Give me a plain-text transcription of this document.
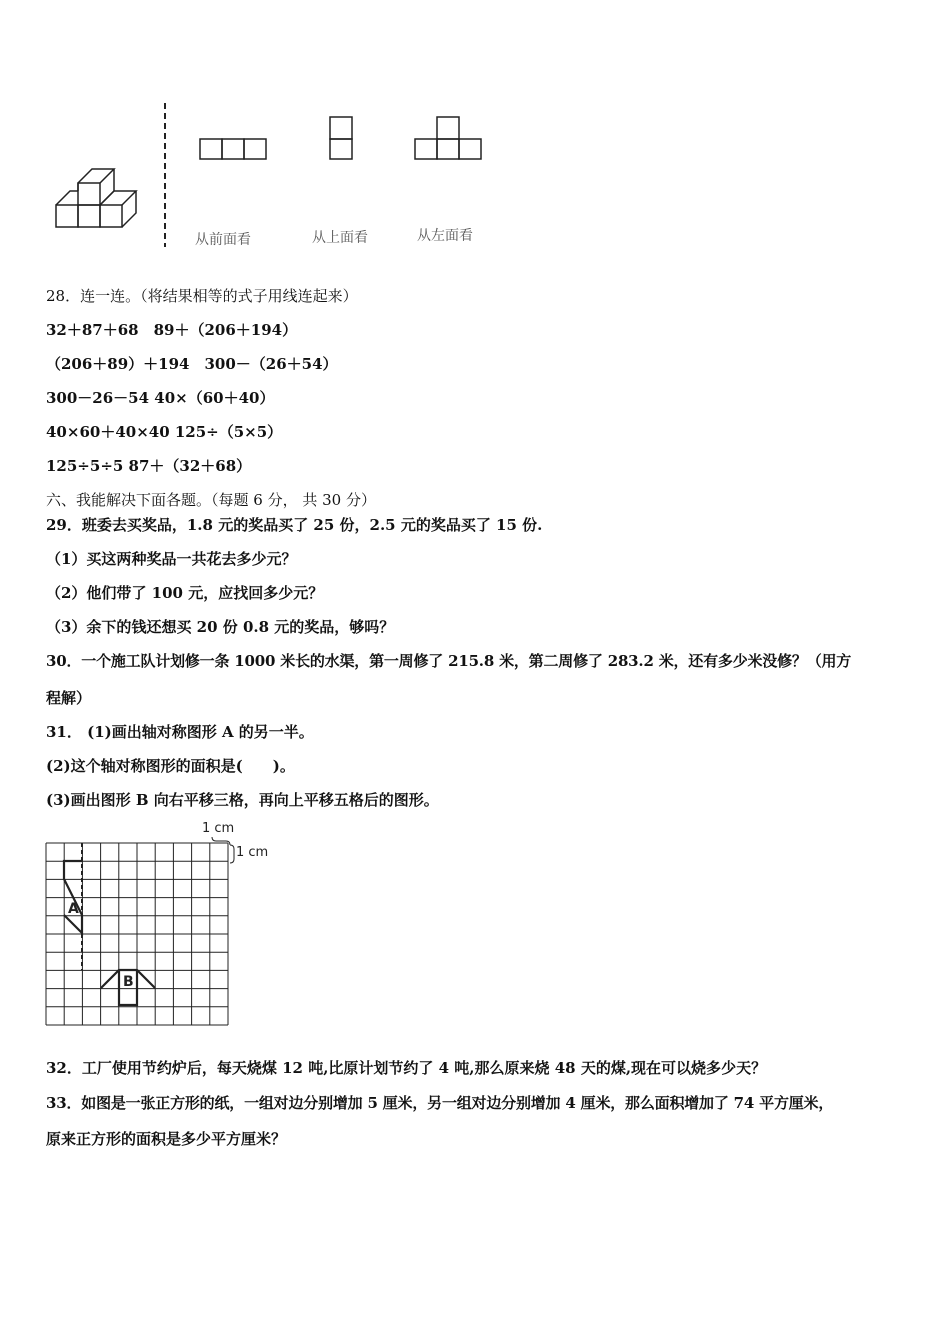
从前面看	从上面看	从左面看
28．连一连。（将结果相等的式子用线连起来）
32＋87＋68　89＋（206＋194）
（206＋89）＋194　300－（26＋54）
300－26－54 40×（60＋40）
40×60＋40×40 125÷（5×5）
125÷5÷5 87＋（32＋68）
六、我能解决下面各题。（每题 6 分， 共 30 分）
29．班委去买奖品，1.8 元的奖品买了 25 份，2.5 元的奖品买了 15 份.
（1）买这两种奖品一共花去多少元？
（2）他们带了 100 元，应找回多少元？
（3）余下的钱还想买 20 份 0.8 元的奖品，够吗？
30．一个施工队计划修一条 1000 米长的水渠，第一周修了 215.8 米，第二周修了 283.2 米，还有多少米没修？（用方
程解）
31． (1)画出轴对称图形 A 的另一半。
(2)这个轴对称图形的面积是(　　)。
(3)画出图形 B 向右平移三格，再向上平移五格后的图形。
1 cm
1 cm
A
B
32．工厂使用节约炉后，每天烧煤 12 吨,比原计划节约了 4 吨,那么原来烧 48 天的煤,现在可以烧多少天？
33．如图是一张正方形的纸，一组对边分别增加 5 厘米，另一组对边分别增加 4 厘米，那么面积增加了 74 平方厘米，
原来正方形的面积是多少平方厘米？
